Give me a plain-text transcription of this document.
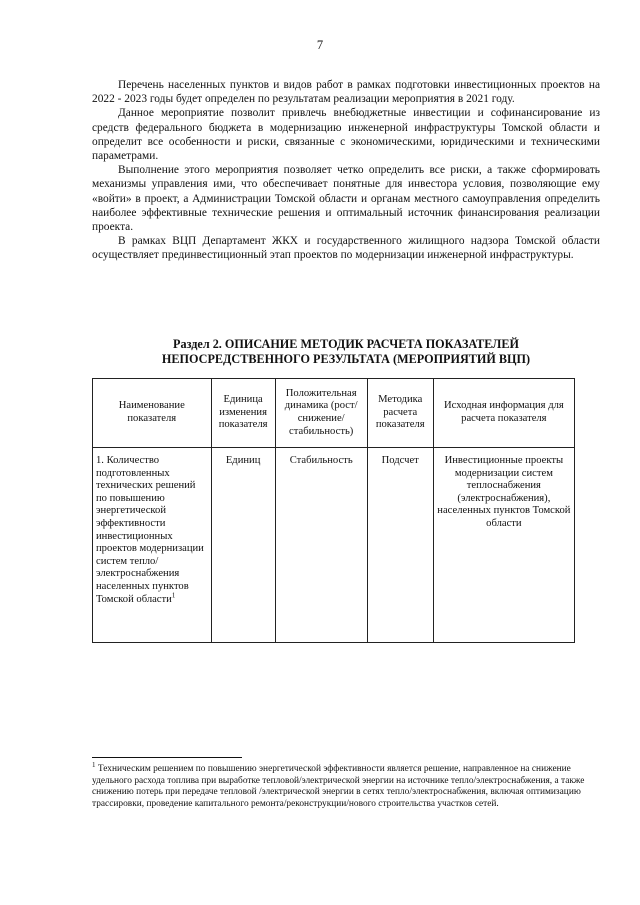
7

Перечень населенных пунктов и видов работ в рамках подготовки инвестиционных проектов на 2022 - 2023 годы будет определен по результатам реализации мероприятия в 2021 году.

Данное мероприятие позволит привлечь внебюджетные инвестиции и софинансирование из средств федерального бюджета в модернизацию инженерной инфраструктуры Томской области и определит все особенности и риски, связанные с экономическими, юридическими и техническими параметрами.

Выполнение этого мероприятия позволяет четко определить все риски, а также сформировать механизмы управления ими, что обеспечивает понятные для инвестора условия, позволяющие ему «войти» в проект, а Администрации Томской области и органам местного самоуправления определить наиболее эффективные технические решения и оптимальный источник финансирования реализации проекта.

В рамках ВЦП Департамент ЖКХ и государственного жилищного надзора Томской области осуществляет прединвестиционный этап проектов по модернизации инженерной инфраструктуры.

Раздел 2. ОПИСАНИЕ МЕТОДИК РАСЧЕТА ПОКАЗАТЕЛЕЙ
НЕПОСРЕДСТВЕННОГО РЕЗУЛЬТАТА (МЕРОПРИЯТИЙ ВЦП)
Наименование показателя	Единица изменения показателя	Положительная динамика (рост/снижение/стабильность)	Методика расчета показателя	Исходная информация для расчета показателя
1. Количество подготовленных технических решений по повышению энергетической эффективности инвестиционных проектов модернизации систем тепло/электроснабжения населенных пунктов Томской области$^1$	Единиц	Стабильность	Подсчет	Инвестиционные проекты модернизации систем теплоснабжения (электроснабжения), населенных пунктов Томской области
$^1$ Техническим решением по повышению энергетической эффективности является решение, направленное на снижение удельного расхода топлива при выработке тепловой/электрической энергии на источнике тепло/электроснабжения, а также снижению потерь при передаче тепловой /электрической энергии в сетях тепло/электроснабжения, включая оптимизацию трассировки, проведение капитального ремонта/реконструкции/нового строительства участков сетей.
